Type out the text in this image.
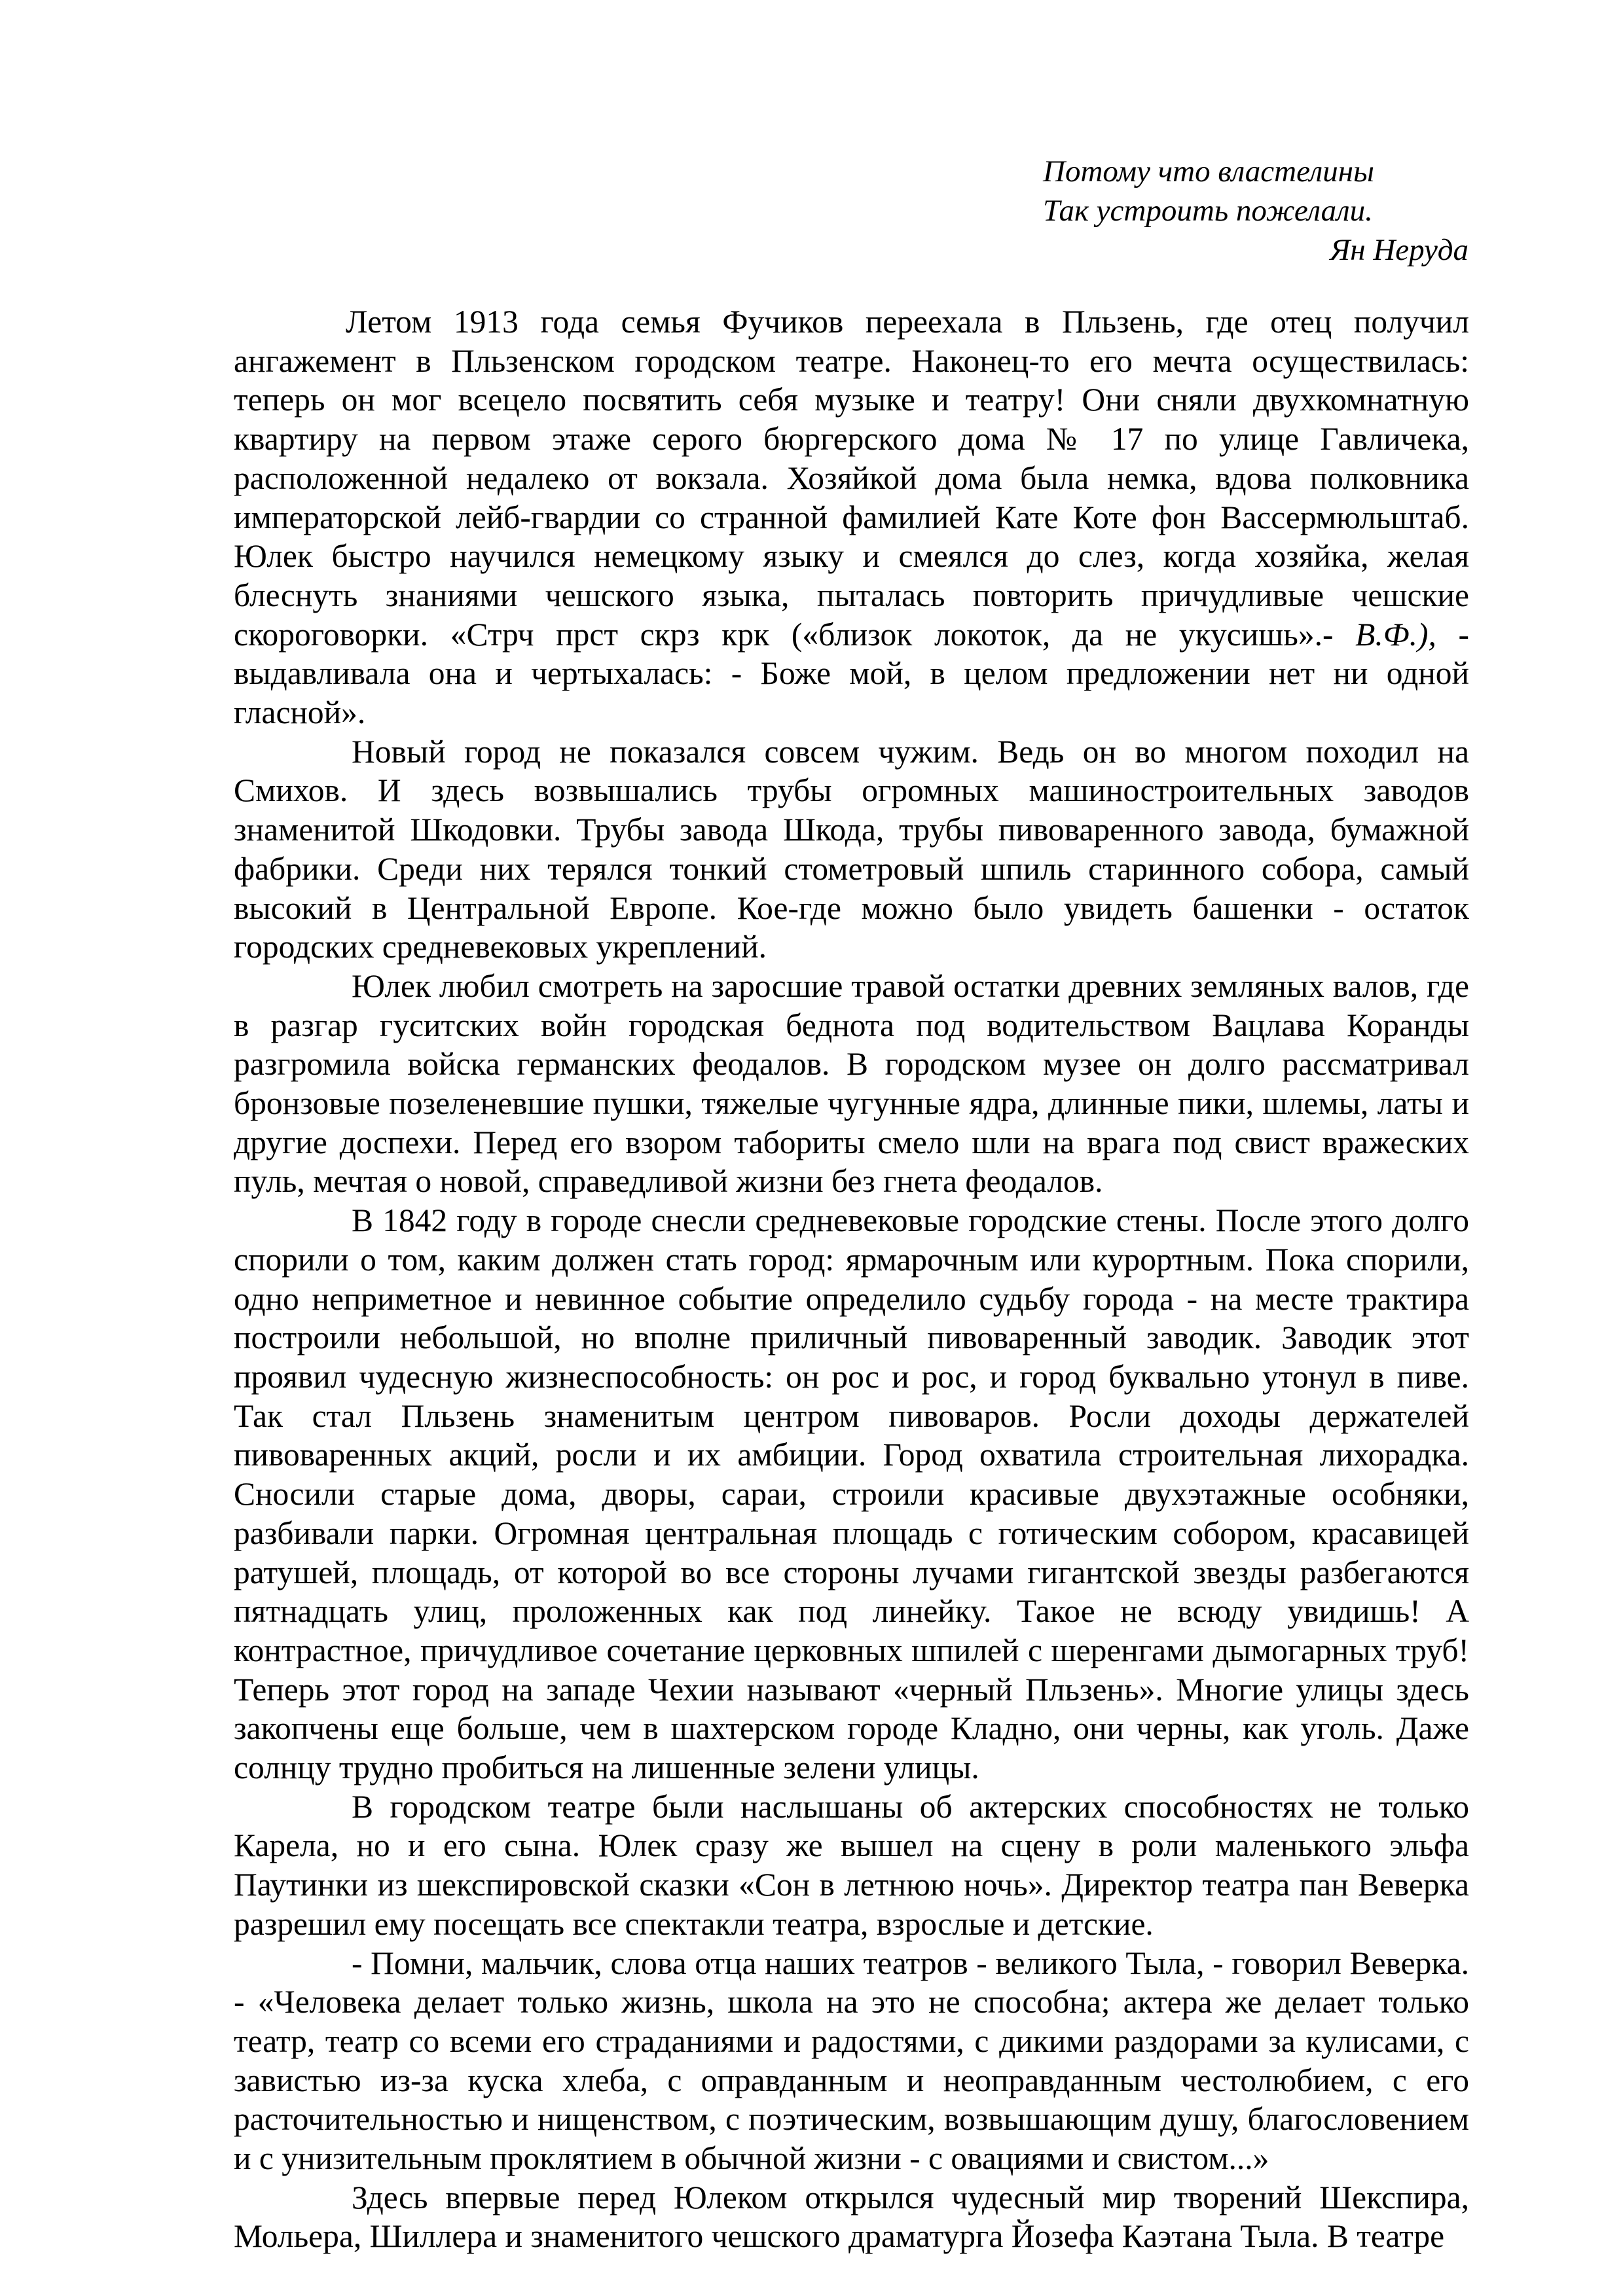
Потому что властелины
Так устроить пожелали.
Ян Неруда

Летом 1913 года семья Фучиков переехала в Пльзень, где отец получил ангажемент в Пльзенском городском театре. Наконец-то его мечта осуществилась: теперь он мог всецело посвятить себя музыке и театру! Они сняли двухкомнатную квартиру на первом этаже серого бюргерского дома № 17 по улице Гавличека, расположенной недалеко от вокзала. Хозяйкой дома была немка, вдова полковника императорской лейб-гвардии со странной фамилией Кате Коте фон Вассермюльштаб. Юлек быстро научился немецкому языку и смеялся до слез, когда хозяйка, желая блеснуть знаниями чешского языка, пыталась повторить причудливые чешские скороговорки. «Стрч прст скрз крк («близок локоток, да не укусишь».- В.Ф.), - выдавливала она и чертыхалась: - Боже мой, в целом предложении нет ни одной гласной».

Новый город не показался совсем чужим. Ведь он во многом походил на Смихов. И здесь возвышались трубы огромных машиностроительных заводов знаменитой Шкодовки. Трубы завода Шкода, трубы пивоваренного завода, бумажной фабрики. Среди них терялся тонкий стометровый шпиль старинного собора, самый высокий в Центральной Европе. Кое-где можно было увидеть башенки - остаток городских средневековых укреплений.

Юлек любил смотреть на заросшие травой остатки древних земляных валов, где в разгар гуситских войн городская беднота под водительством Вацлава Коранды разгромила войска германских феодалов. В городском музее он долго рассматривал бронзовые позеленевшие пушки, тяжелые чугунные ядра, длинные пики, шлемы, латы и другие доспехи. Перед его взором табориты смело шли на врага под свист вражеских пуль, мечтая о новой, справедливой жизни без гнета феодалов.

В 1842 году в городе снесли средневековые городские стены. После этого долго спорили о том, каким должен стать город: ярмарочным или курортным. Пока спорили, одно неприметное и невинное событие определило судьбу города - на месте трактира построили небольшой, но вполне приличный пивоваренный заводик. Заводик этот проявил чудесную жизнеспособность: он рос и рос, и город буквально утонул в пиве. Так стал Пльзень знаменитым центром пивоваров. Росли доходы держателей пивоваренных акций, росли и их амбиции. Город охватила строительная лихорадка. Сносили старые дома, дворы, сараи, строили красивые двухэтажные особняки, разбивали парки. Огромная центральная площадь с готическим собором, красавицей ратушей, площадь, от которой во все стороны лучами гигантской звезды разбегаются пятнадцать улиц, проложенных как под линейку. Такое не всюду увидишь! А контрастное, причудливое сочетание церковных шпилей с шеренгами дымогарных труб! Теперь этот город на западе Чехии называют «черный Пльзень». Многие улицы здесь закопчены еще больше, чем в шахтерском городе Кладно, они черны, как уголь. Даже солнцу трудно пробиться на лишенные зелени улицы.

В городском театре были наслышаны об актерских способностях не только Карела, но и его сына. Юлек сразу же вышел на сцену в роли маленького эльфа Паутинки из шекспировской сказки «Сон в летнюю ночь». Директор театра пан Веверка разрешил ему посещать все спектакли театра, взрослые и детские.

- Помни, мальчик, слова отца наших театров - великого Тыла, - говорил Веверка. - «Человека делает только жизнь, школа на это не способна; актера же делает только театр, театр со всеми его страданиями и радостями, с дикими раздорами за кулисами, с завистью из-за куска хлеба, с оправданным и неоправданным честолюбием, с его расточительностью и нищенством, с поэтическим, возвышающим душу, благословением и с унизительным проклятием в обычной жизни - с овациями и свистом...»

Здесь впервые перед Юлеком открылся чудесный мир творений Шекспира, Мольера, Шиллера и знаменитого чешского драматурга Йозефа Каэтана Тыла. В театре
